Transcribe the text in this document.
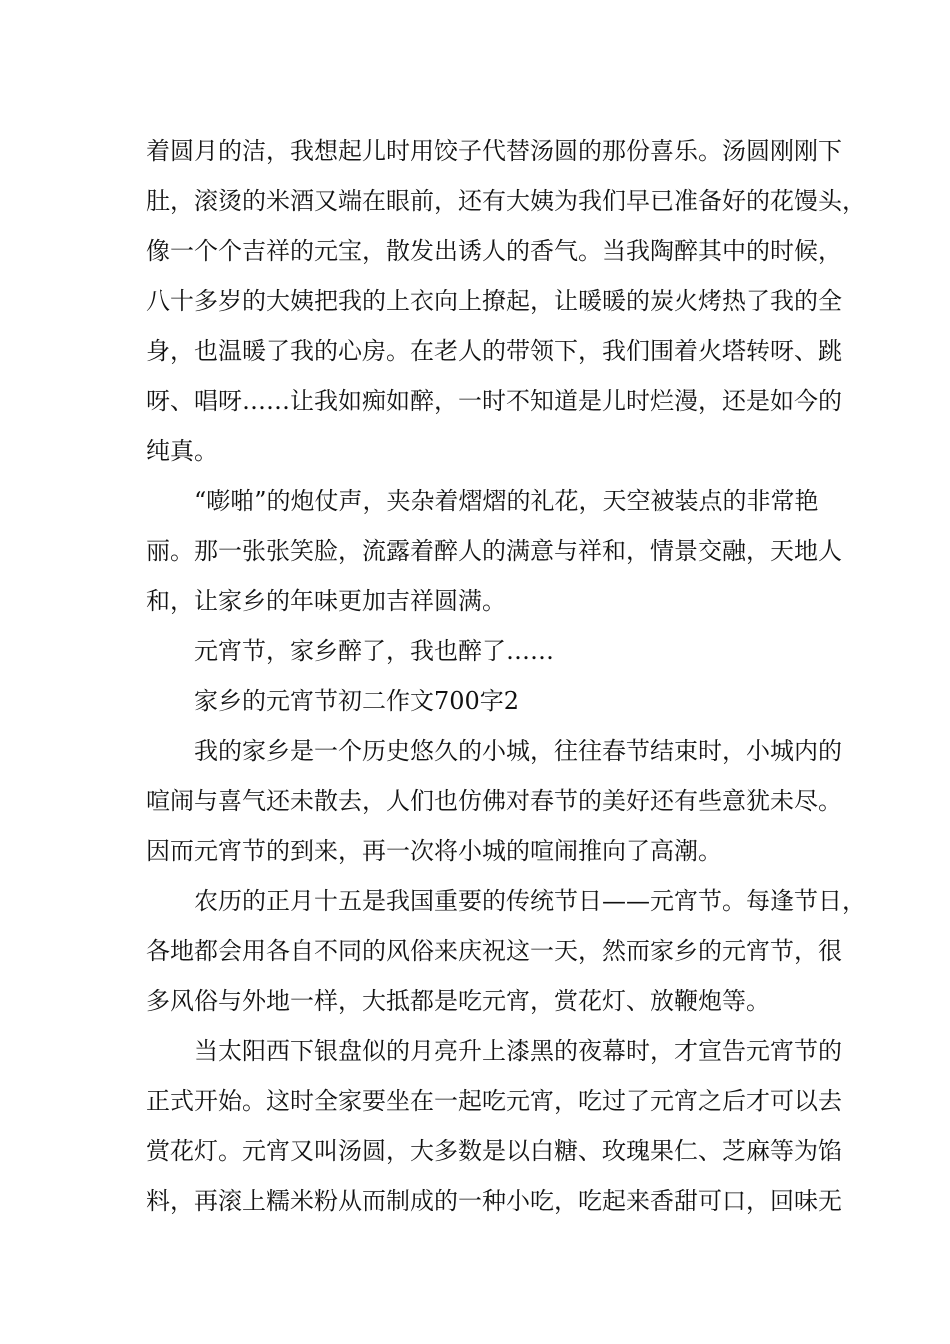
着圆月的洁，我想起儿时用饺子代替汤圆的那份喜乐。汤圆刚刚下
肚，滚烫的米酒又端在眼前，还有大姨为我们早已准备好的花馒头，
像一个个吉祥的元宝，散发出诱人的香气。当我陶醉其中的时候，
八十多岁的大姨把我的上衣向上撩起，让暖暖的炭火烤热了我的全
身，也温暖了我的心房。在老人的带领下，我们围着火塔转呀、跳
呀、唱呀……让我如痴如醉，一时不知道是儿时烂漫，还是如今的
纯真。
“嘭啪”的炮仗声，夹杂着熠熠的礼花，天空被装点的非常艳
丽。那一张张笑脸，流露着醉人的满意与祥和，情景交融，天地人
和，让家乡的年味更加吉祥圆满。
元宵节，家乡醉了，我也醉了……
家乡的元宵节初二作文700字2
我的家乡是一个历史悠久的小城，往往春节结束时，小城内的
喧闹与喜气还未散去，人们也仿佛对春节的美好还有些意犹未尽。
因而元宵节的到来，再一次将小城的喧闹推向了高潮。
农历的正月十五是我国重要的传统节日——元宵节。每逢节日，
各地都会用各自不同的风俗来庆祝这一天，然而家乡的元宵节，很
多风俗与外地一样，大抵都是吃元宵，赏花灯、放鞭炮等。
当太阳西下银盘似的月亮升上漆黑的夜幕时，才宣告元宵节的
正式开始。这时全家要坐在一起吃元宵，吃过了元宵之后才可以去
赏花灯。元宵又叫汤圆，大多数是以白糖、玫瑰果仁、芝麻等为馅
料，再滚上糯米粉从而制成的一种小吃，吃起来香甜可口，回味无
